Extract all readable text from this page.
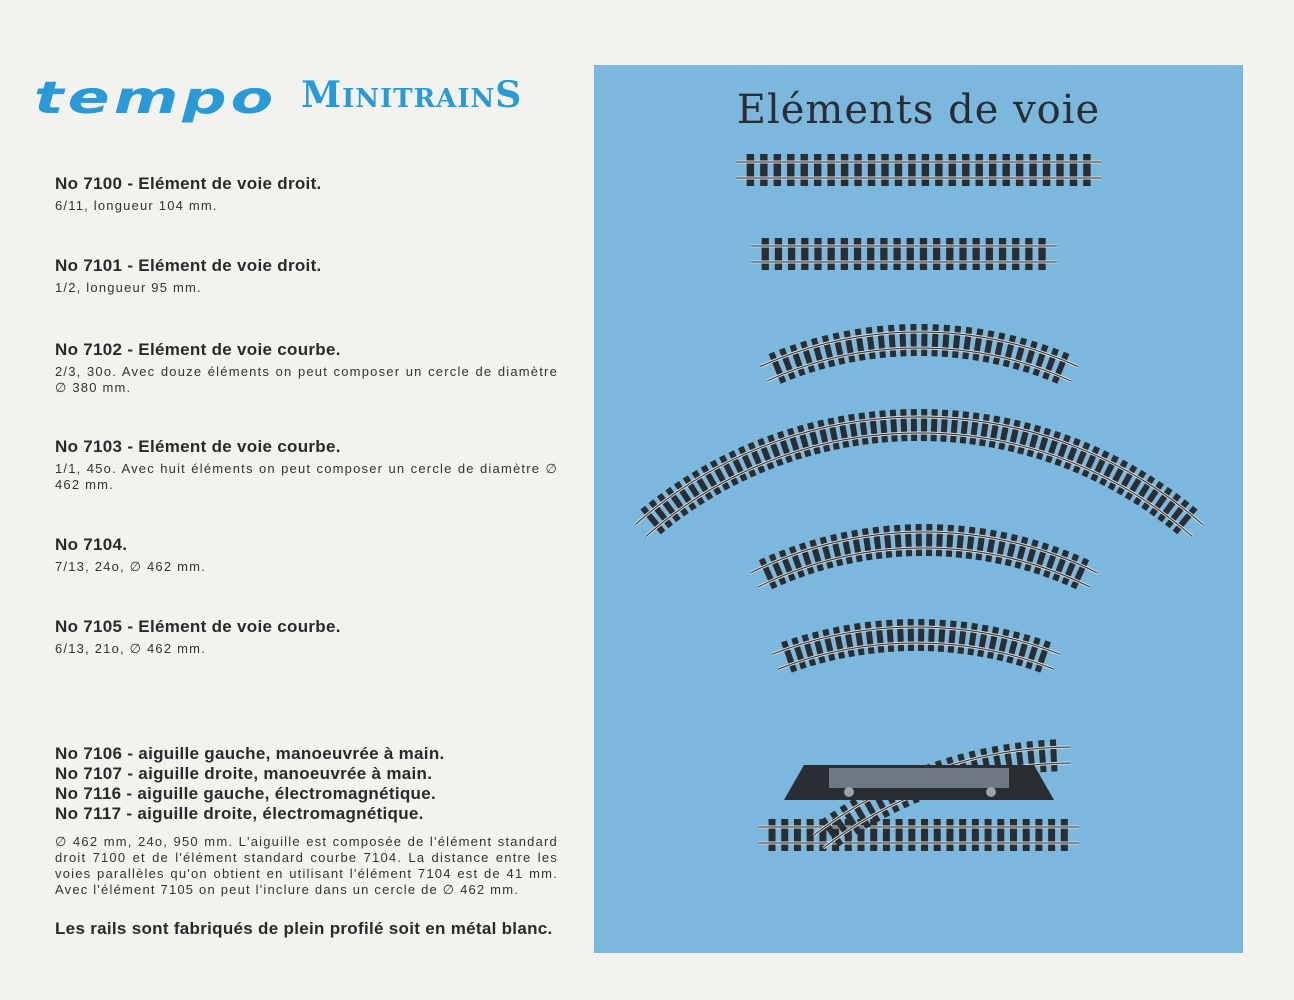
tempo MINITRAINS

No 7100 - Elément de voie droit.

6/11, longueur 104 mm.

No 7101 - Elément de voie droit.

1/2, longueur 95 mm.

No 7102 - Elément de voie courbe.

2/3, 30o. Avec douze éléments on peut composer un cercle de diamètre ∅ 380 mm.

No 7103 - Elément de voie courbe.

1/1, 45o. Avec huit éléments on peut composer un cercle de diamètre ∅ 462 mm.

No 7104.

7/13, 24o, ∅ 462 mm.

No 7105 - Elément de voie courbe.

6/13, 21o, ∅ 462 mm.

No 7106 - aiguille gauche, manoeuvrée à main.

No 7107 - aiguille droite, manoeuvrée à main.

No 7116 - aiguille gauche, électromagnétique.

No 7117 - aiguille droite, électromagnétique.

∅ 462 mm, 24o, 950 mm. L'aiguille est composée de l'élément standard droit 7100 et de l'élément standard courbe 7104. La distance entre les voies parallèles qu'on obtient en utilisant l'élément 7104 est de 41 mm. Avec l'élément 7105 on peut l'inclure dans un cercle de ∅ 462 mm.

Les rails sont fabriqués de plein profilé soit en métal blanc.
Eléments de voie
